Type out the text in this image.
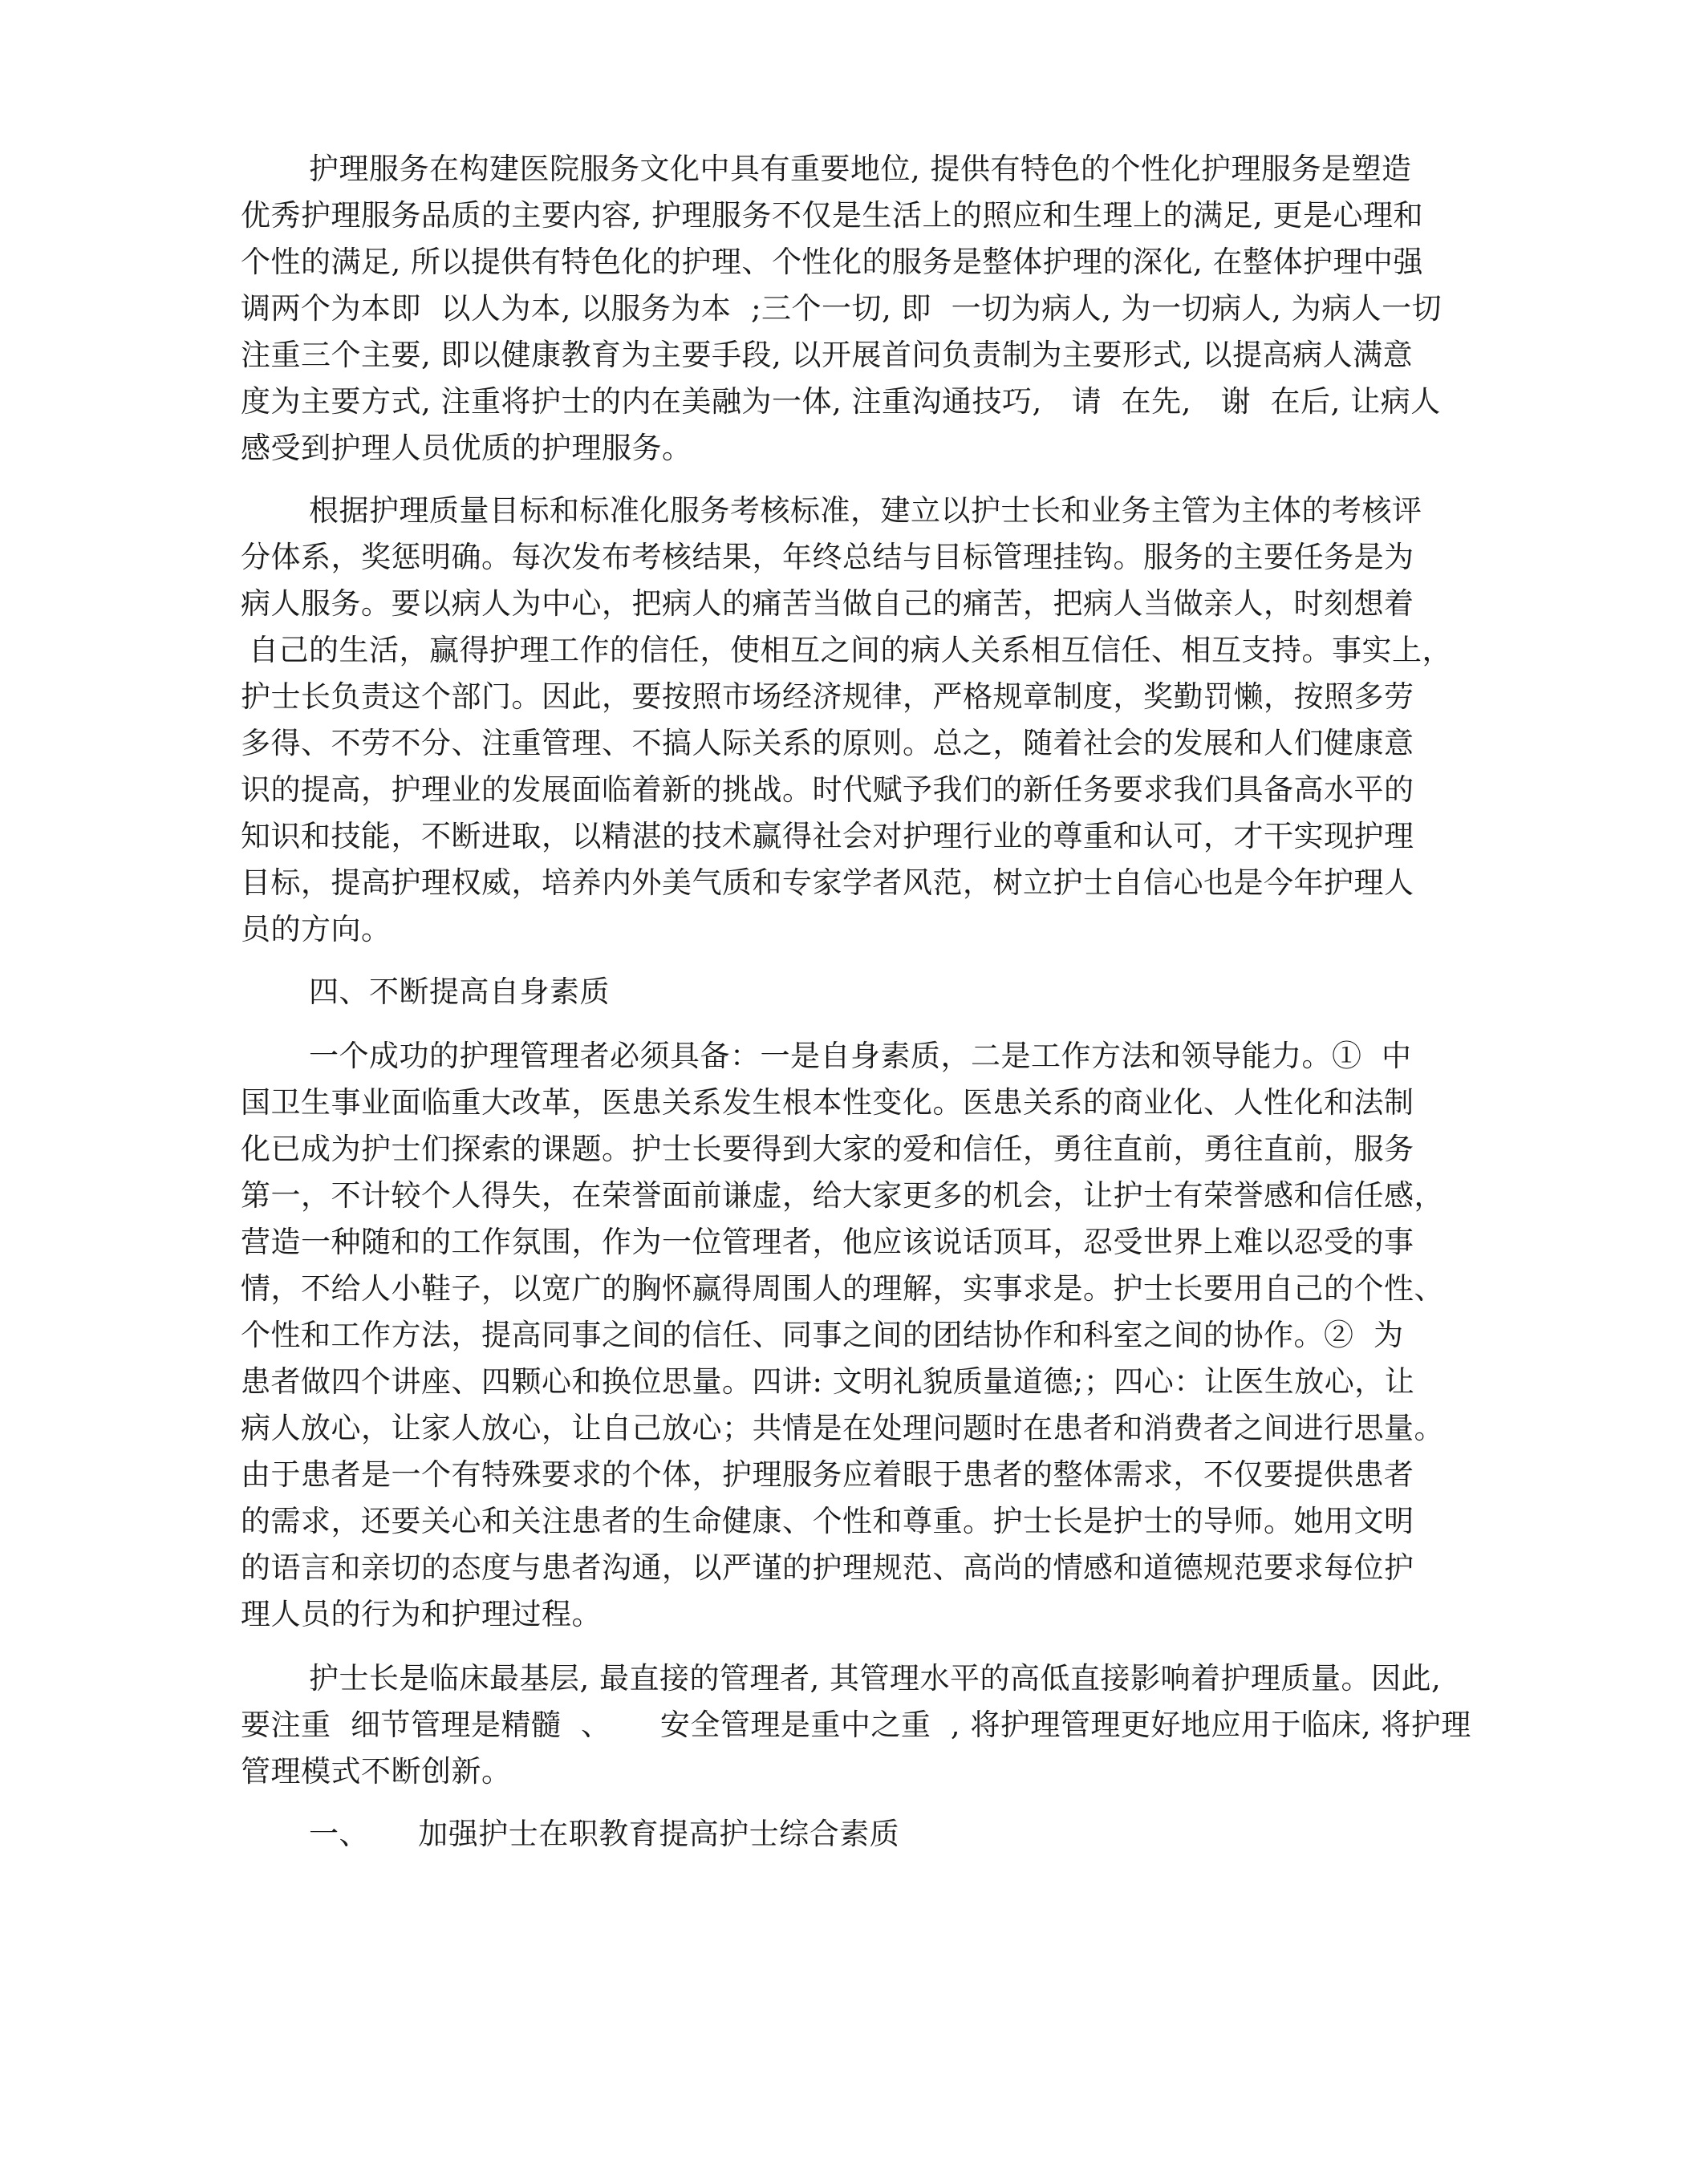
护理服务在构建医院服务文化中具有重要地位, 提供有特色的个性化护理服务是塑造
优秀护理服务品质的主要内容, 护理服务不仅是生活上的照应和生理上的满足, 更是心理和
个性的满足, 所以提供有特色化的护理、个性化的服务是整体护理的深化, 在整体护理中强
调两个为本即  以人为本, 以服务为本  ;三个一切, 即  一切为病人, 为一切病人, 为病人一切
注重三个主要, 即以健康教育为主要手段, 以开展首问负责制为主要形式, 以提高病人满意
度为主要方式, 注重将护士的内在美融为一体, 注重沟通技巧,   请  在先,   谢  在后, 让病人
感受到护理人员优质的护理服务。
根据护理质量目标和标准化服务考核标准，建立以护士长和业务主管为主体的考核评
分体系，奖惩明确。每次发布考核结果，年终总结与目标管理挂钩。服务的主要任务是为
病人服务。要以病人为中心，把病人的痛苦当做自己的痛苦，把病人当做亲人，时刻想着
自己的生活，赢得护理工作的信任，使相互之间的病人关系相互信任、相互支持。事实上，
护士长负责这个部门。因此，要按照市场经济规律，严格规章制度，奖勤罚懒，按照多劳
多得、不劳不分、注重管理、不搞人际关系的原则。总之，随着社会的发展和人们健康意
识的提高，护理业的发展面临着新的挑战。时代赋予我们的新任务要求我们具备高水平的
知识和技能，不断进取，以精湛的技术赢得社会对护理行业的尊重和认可，才干实现护理
目标，提高护理权威，培养内外美气质和专家学者风范，树立护士自信心也是今年护理人
员的方向。
四、不断提高自身素质
一个成功的护理管理者必须具备：一是自身素质，二是工作方法和领导能力。①  中
国卫生事业面临重大改革，医患关系发生根本性变化。医患关系的商业化、人性化和法制
化已成为护士们探索的课题。护士长要得到大家的爱和信任，勇往直前，勇往直前，服务
第一，不计较个人得失，在荣誉面前谦虚，给大家更多的机会，让护士有荣誉感和信任感，
营造一种随和的工作氛围，作为一位管理者，他应该说话顶耳，忍受世界上难以忍受的事
情，不给人小鞋子，以宽广的胸怀赢得周围人的理解，实事求是。护士长要用自己的个性、
个性和工作方法，提高同事之间的信任、同事之间的团结协作和科室之间的协作。②  为
患者做四个讲座、四颗心和换位思量。四讲: 文明礼貌质量道德;；四心：让医生放心，让
病人放心，让家人放心，让自己放心；共情是在处理问题时在患者和消费者之间进行思量。
由于患者是一个有特殊要求的个体，护理服务应着眼于患者的整体需求，不仅要提供患者
的需求，还要关心和关注患者的生命健康、个性和尊重。护士长是护士的导师。她用文明
的语言和亲切的态度与患者沟通，以严谨的护理规范、高尚的情感和道德规范要求每位护
理人员的行为和护理过程。
护士长是临床最基层, 最直接的管理者, 其管理水平的高低直接影响着护理质量。因此,
要注重  细节管理是精髓  、     安全管理是重中之重  , 将护理管理更好地应用于临床, 将护理
管理模式不断创新。
一、     加强护士在职教育提高护士综合素质
